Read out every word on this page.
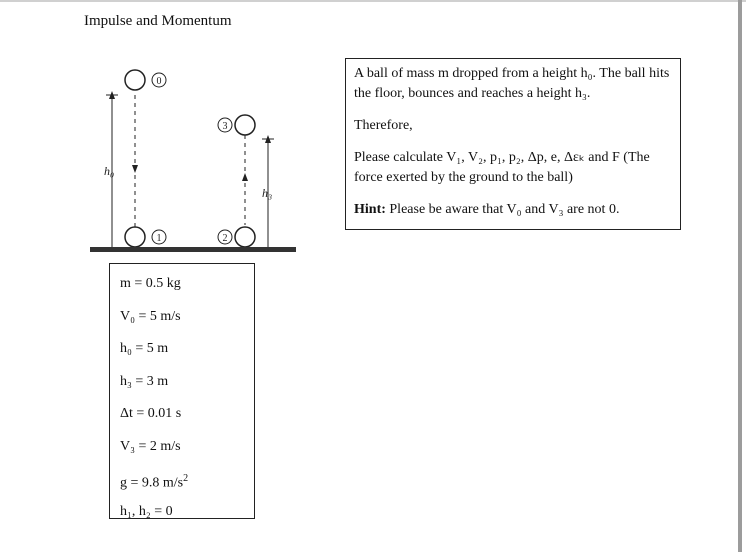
Impulse and Momentum
h₀
0
1
3
2
h₃

A ball of mass m dropped from a height h₀. The ball hits the floor, bounces and reaches a height h₃.

Therefore,

Please calculate V₁, V₂, p₁, p₂, Δp, e, Δεₖ and F (The force exerted by the ground to the ball)

Hint: Please be aware that V₀ and V₃ are not 0.

m = 0.5 kg
V₀ = 5 m/s
h₀ = 5 m
h₃ = 3 m
Δt = 0.01 s
V₃ = 2 m/s
g = 9.8 $m/s^2$
h₁, h₂ = 0
